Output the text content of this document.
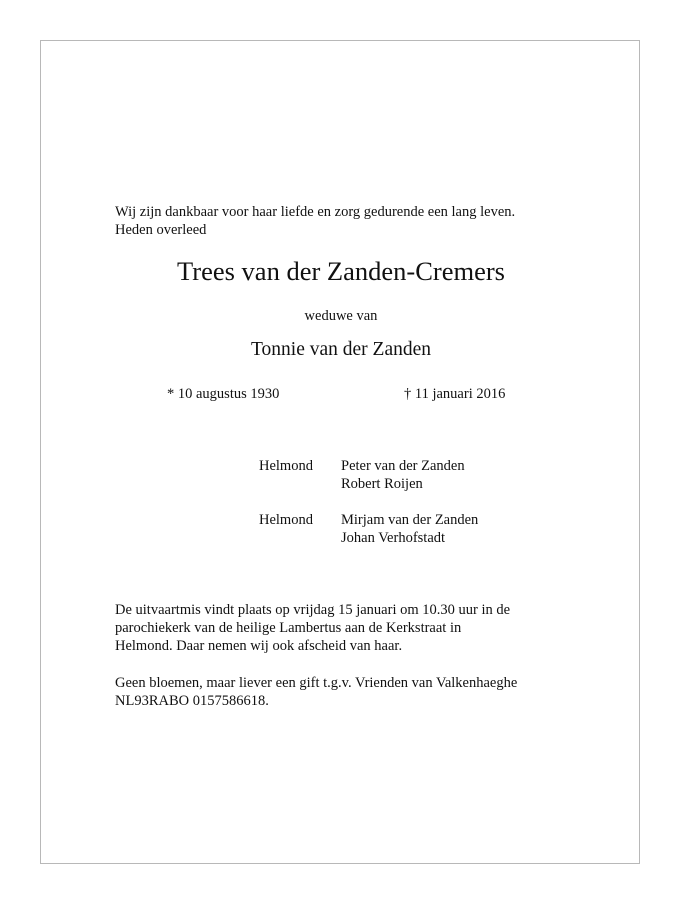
Wij zijn dankbaar voor haar liefde en zorg gedurende een lang leven.
Heden overleed
Trees van der Zanden-Cremers
weduwe van
Tonnie van der Zanden
* 10 augustus 1930	† 11 januari 2016
Helmond Peter van der Zanden
Robert Roijen
Helmond Mirjam van der Zanden
Johan Verhofstadt
De uitvaartmis vindt plaats op vrijdag 15 januari om 10.30 uur in de
parochiekerk van de heilige Lambertus aan de Kerkstraat in
Helmond. Daar nemen wij ook afscheid van haar.
Geen bloemen, maar liever een gift t.g.v. Vrienden van Valkenhaeghe
NL93RABO 0157586618.
